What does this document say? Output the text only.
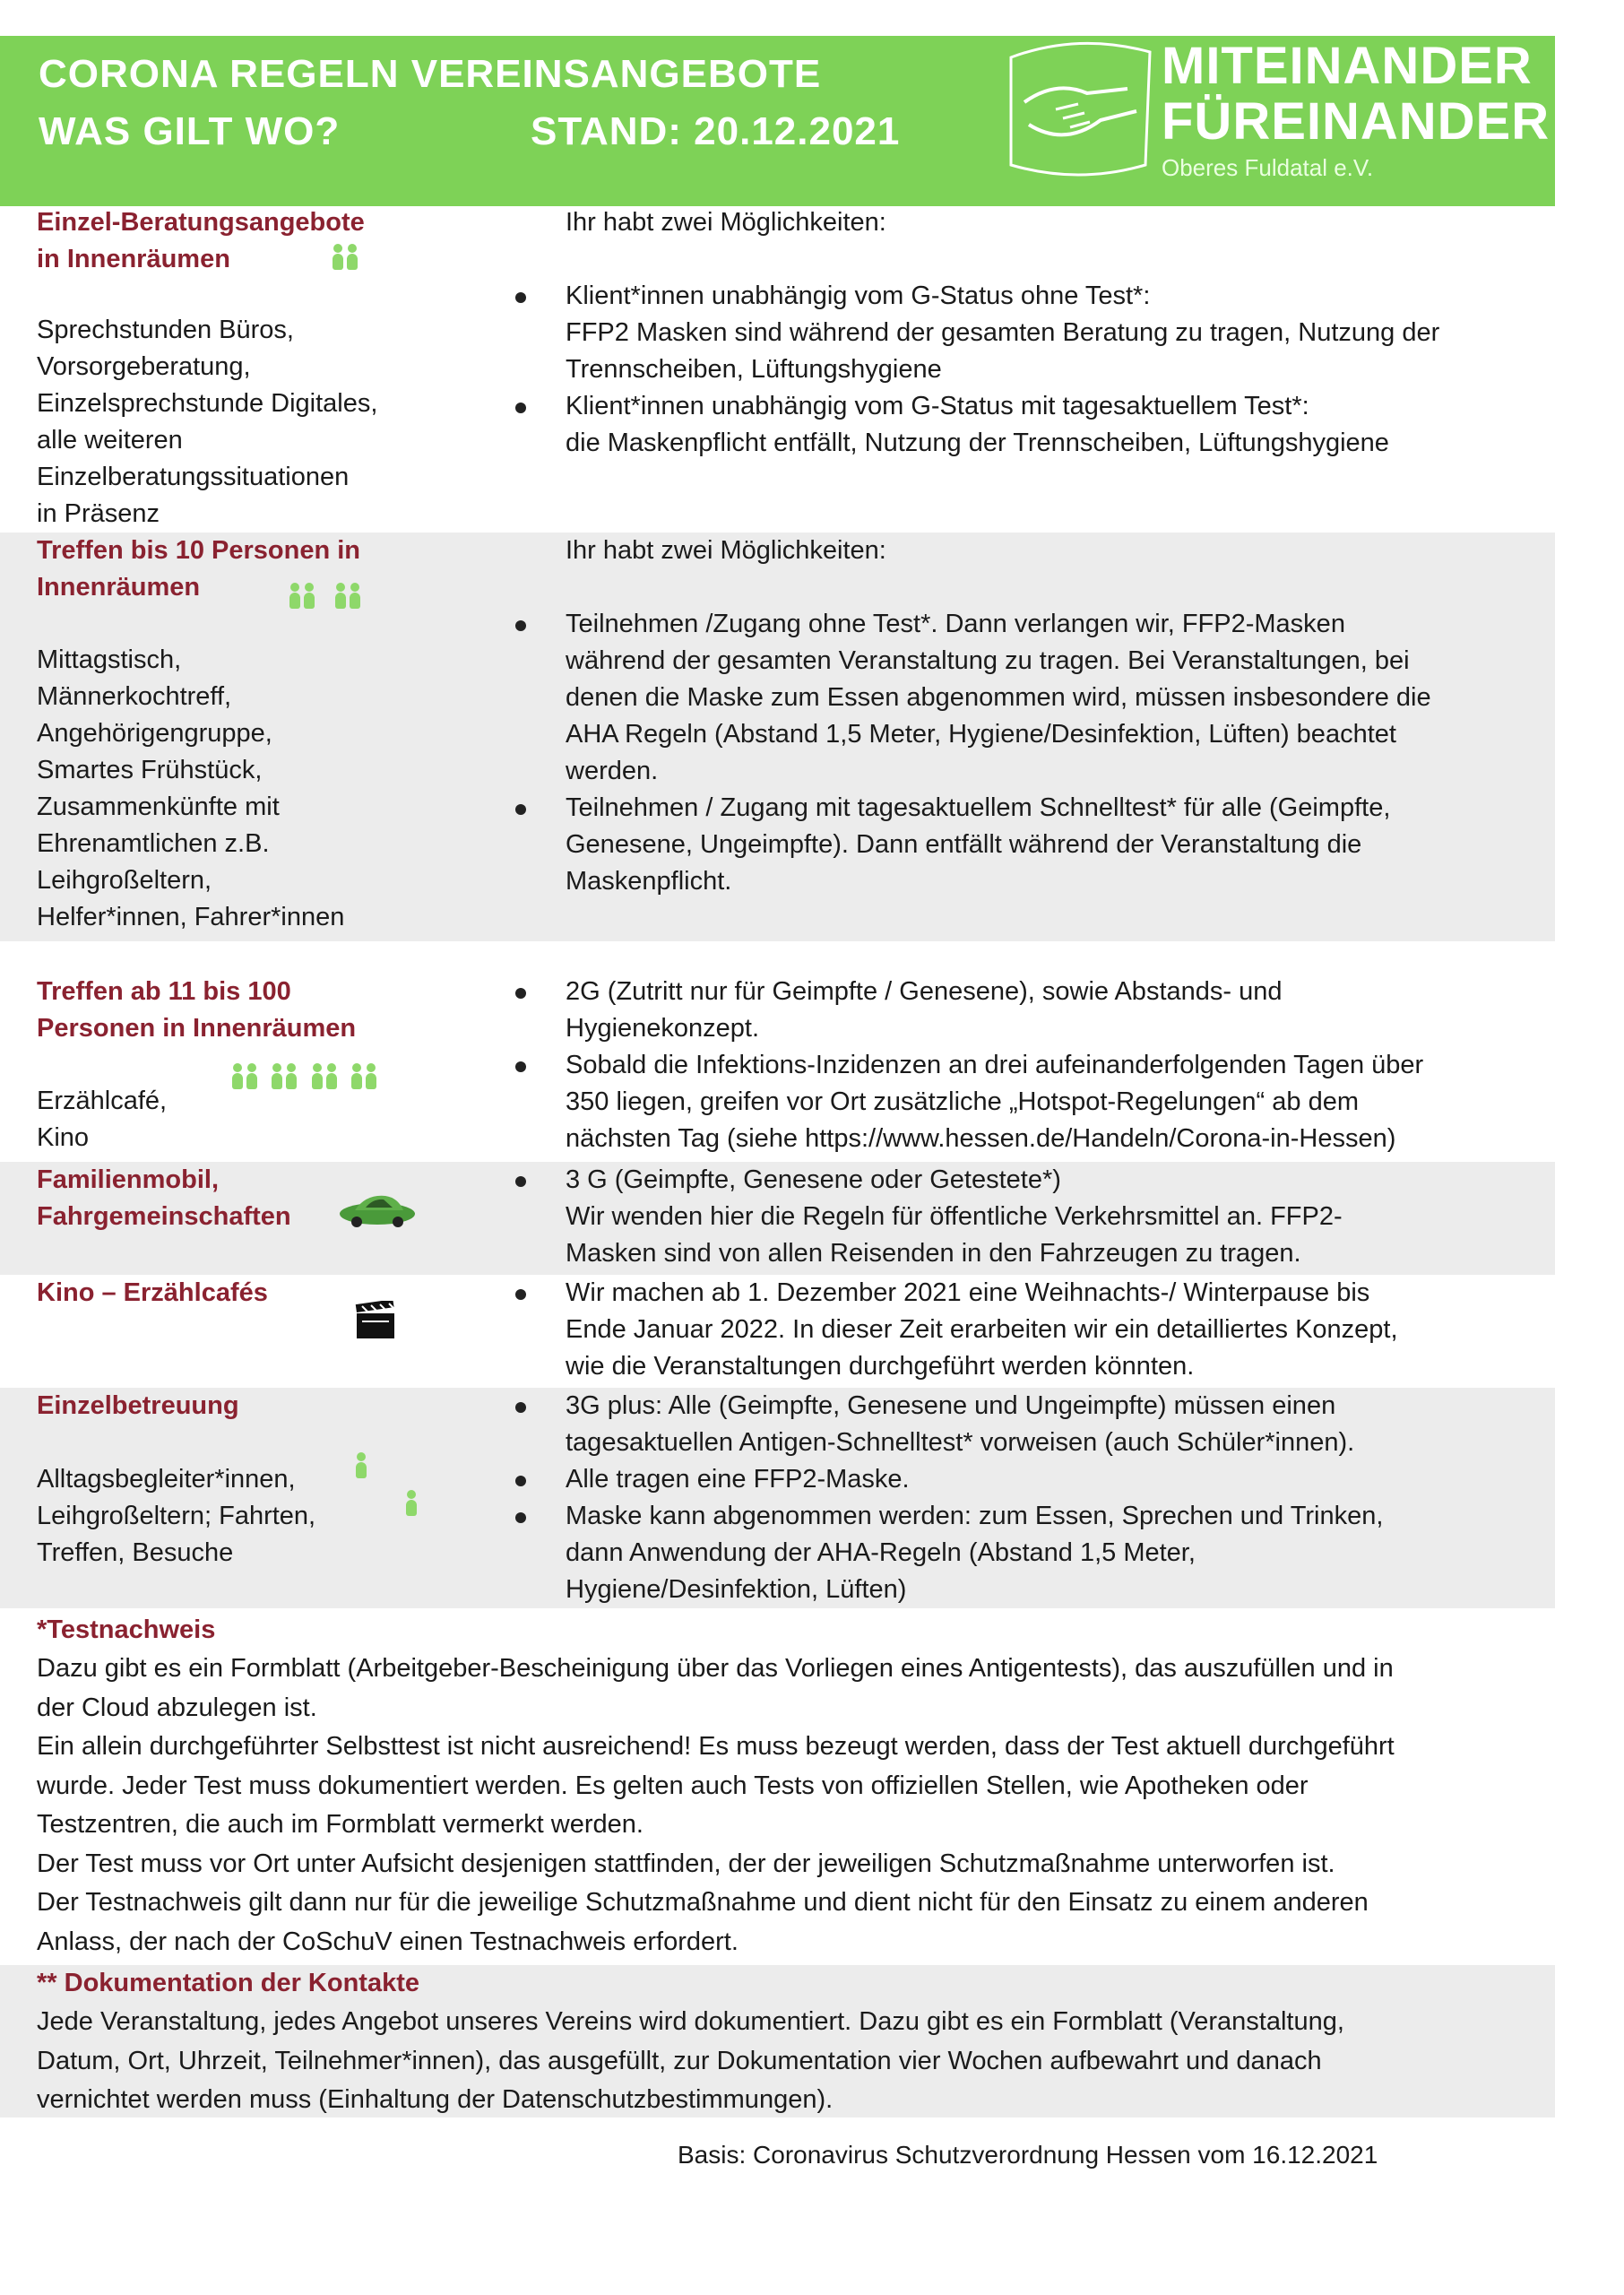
CORONA REGELN VEREINSANGEBOTE
WAS GILT WO?	STAND: 20.12.2021
MITEINANDER
FÜREINANDER
Oberes Fuldatal e.V.
Einzel-Beratungsangebote
in Innenräumen
Sprechstunden Büros,
Vorsorgeberatung,
Einzelsprechstunde Digitales,
alle weiteren
Einzelberatungssituationen
in Präsenz
Ihr habt zwei Möglichkeiten:
Klient*innen unabhängig vom G-Status ohne Test*:
FFP2 Masken sind während der gesamten Beratung zu tragen, Nutzung der
Trennscheiben, Lüftungshygiene
Klient*innen unabhängig vom G-Status mit tagesaktuellem Test*:
die Maskenpflicht entfällt, Nutzung der Trennscheiben, Lüftungshygiene
Treffen bis 10 Personen in
Innenräumen

Mittagstisch,
Männerkochtreff,
Angehörigengruppe,
Smartes Frühstück,
Zusammenkünfte mit
Ehrenamtlichen z.B.
Leihgroßeltern,
Helfer*innen, Fahrer*innen
Ihr habt zwei Möglichkeiten:
Teilnehmen /Zugang ohne Test*. Dann verlangen wir, FFP2-Masken
während der gesamten Veranstaltung zu tragen. Bei Veranstaltungen, bei
denen die Maske zum Essen abgenommen wird, müssen insbesondere die
AHA Regeln (Abstand 1,5 Meter, Hygiene/Desinfektion, Lüften) beachtet
werden.
Teilnehmen / Zugang mit tagesaktuellem Schnelltest* für alle (Geimpfte,
Genesene, Ungeimpfte). Dann entfällt während der Veranstaltung die
Maskenpflicht.
Treffen ab 11 bis 100
Personen in Innenräumen

Erzählcafé,
Kino
2G (Zutritt nur für Geimpfte / Genesene), sowie Abstands- und
Hygienekonzept.
Sobald die Infektions-Inzidenzen an drei aufeinanderfolgenden Tagen über
350 liegen, greifen vor Ort zusätzliche „Hotspot-Regelungen“ ab dem
nächsten Tag (siehe https://www.hessen.de/Handeln/Corona-in-Hessen)
Familienmobil,
Fahrgemeinschaften
3 G (Geimpfte, Genesene oder Getestete*)
Wir wenden hier die Regeln für öffentliche Verkehrsmittel an. FFP2-
Masken sind von allen Reisenden in den Fahrzeugen zu tragen.
Kino – Erzählcafés	Wir machen ab 1. Dezember 2021 eine Weihnachts-/ Winterpause bis
Ende Januar 2022. In dieser Zeit erarbeiten wir ein detailliertes Konzept,
wie die Veranstaltungen durchgeführt werden könnten.
Einzelbetreuung
Alltagsbegleiter*innen,
Leihgroßeltern; Fahrten,
Treffen, Besuche
3G plus: Alle (Geimpfte, Genesene und Ungeimpfte) müssen einen
tagesaktuellen Antigen-Schnelltest* vorweisen (auch Schüler*innen).
Alle tragen eine FFP2-Maske.
Maske kann abgenommen werden: zum Essen, Sprechen und Trinken,
dann Anwendung der AHA-Regeln (Abstand 1,5 Meter,
Hygiene/Desinfektion, Lüften)
*Testnachweis
Dazu gibt es ein Formblatt (Arbeitgeber-Bescheinigung über das Vorliegen eines Antigentests), das auszufüllen und in
der Cloud abzulegen ist.
Ein allein durchgeführter Selbsttest ist nicht ausreichend! Es muss bezeugt werden, dass der Test aktuell durchgeführt
wurde. Jeder Test muss dokumentiert werden. Es gelten auch Tests von offiziellen Stellen, wie Apotheken oder
Testzentren, die auch im Formblatt vermerkt werden.
Der Test muss vor Ort unter Aufsicht desjenigen stattfinden, der der jeweiligen Schutzmaßnahme unterworfen ist.
Der Testnachweis gilt dann nur für die jeweilige Schutzmaßnahme und dient nicht für den Einsatz zu einem anderen
Anlass, der nach der CoSchuV einen Testnachweis erfordert.
** Dokumentation der Kontakte
Jede Veranstaltung, jedes Angebot unseres Vereins wird dokumentiert. Dazu gibt es ein Formblatt (Veranstaltung,
Datum, Ort, Uhrzeit, Teilnehmer*innen), das ausgefüllt, zur Dokumentation vier Wochen aufbewahrt und danach
vernichtet werden muss (Einhaltung der Datenschutzbestimmungen).
Basis: Coronavirus Schutzverordnung Hessen vom 16.12.2021
